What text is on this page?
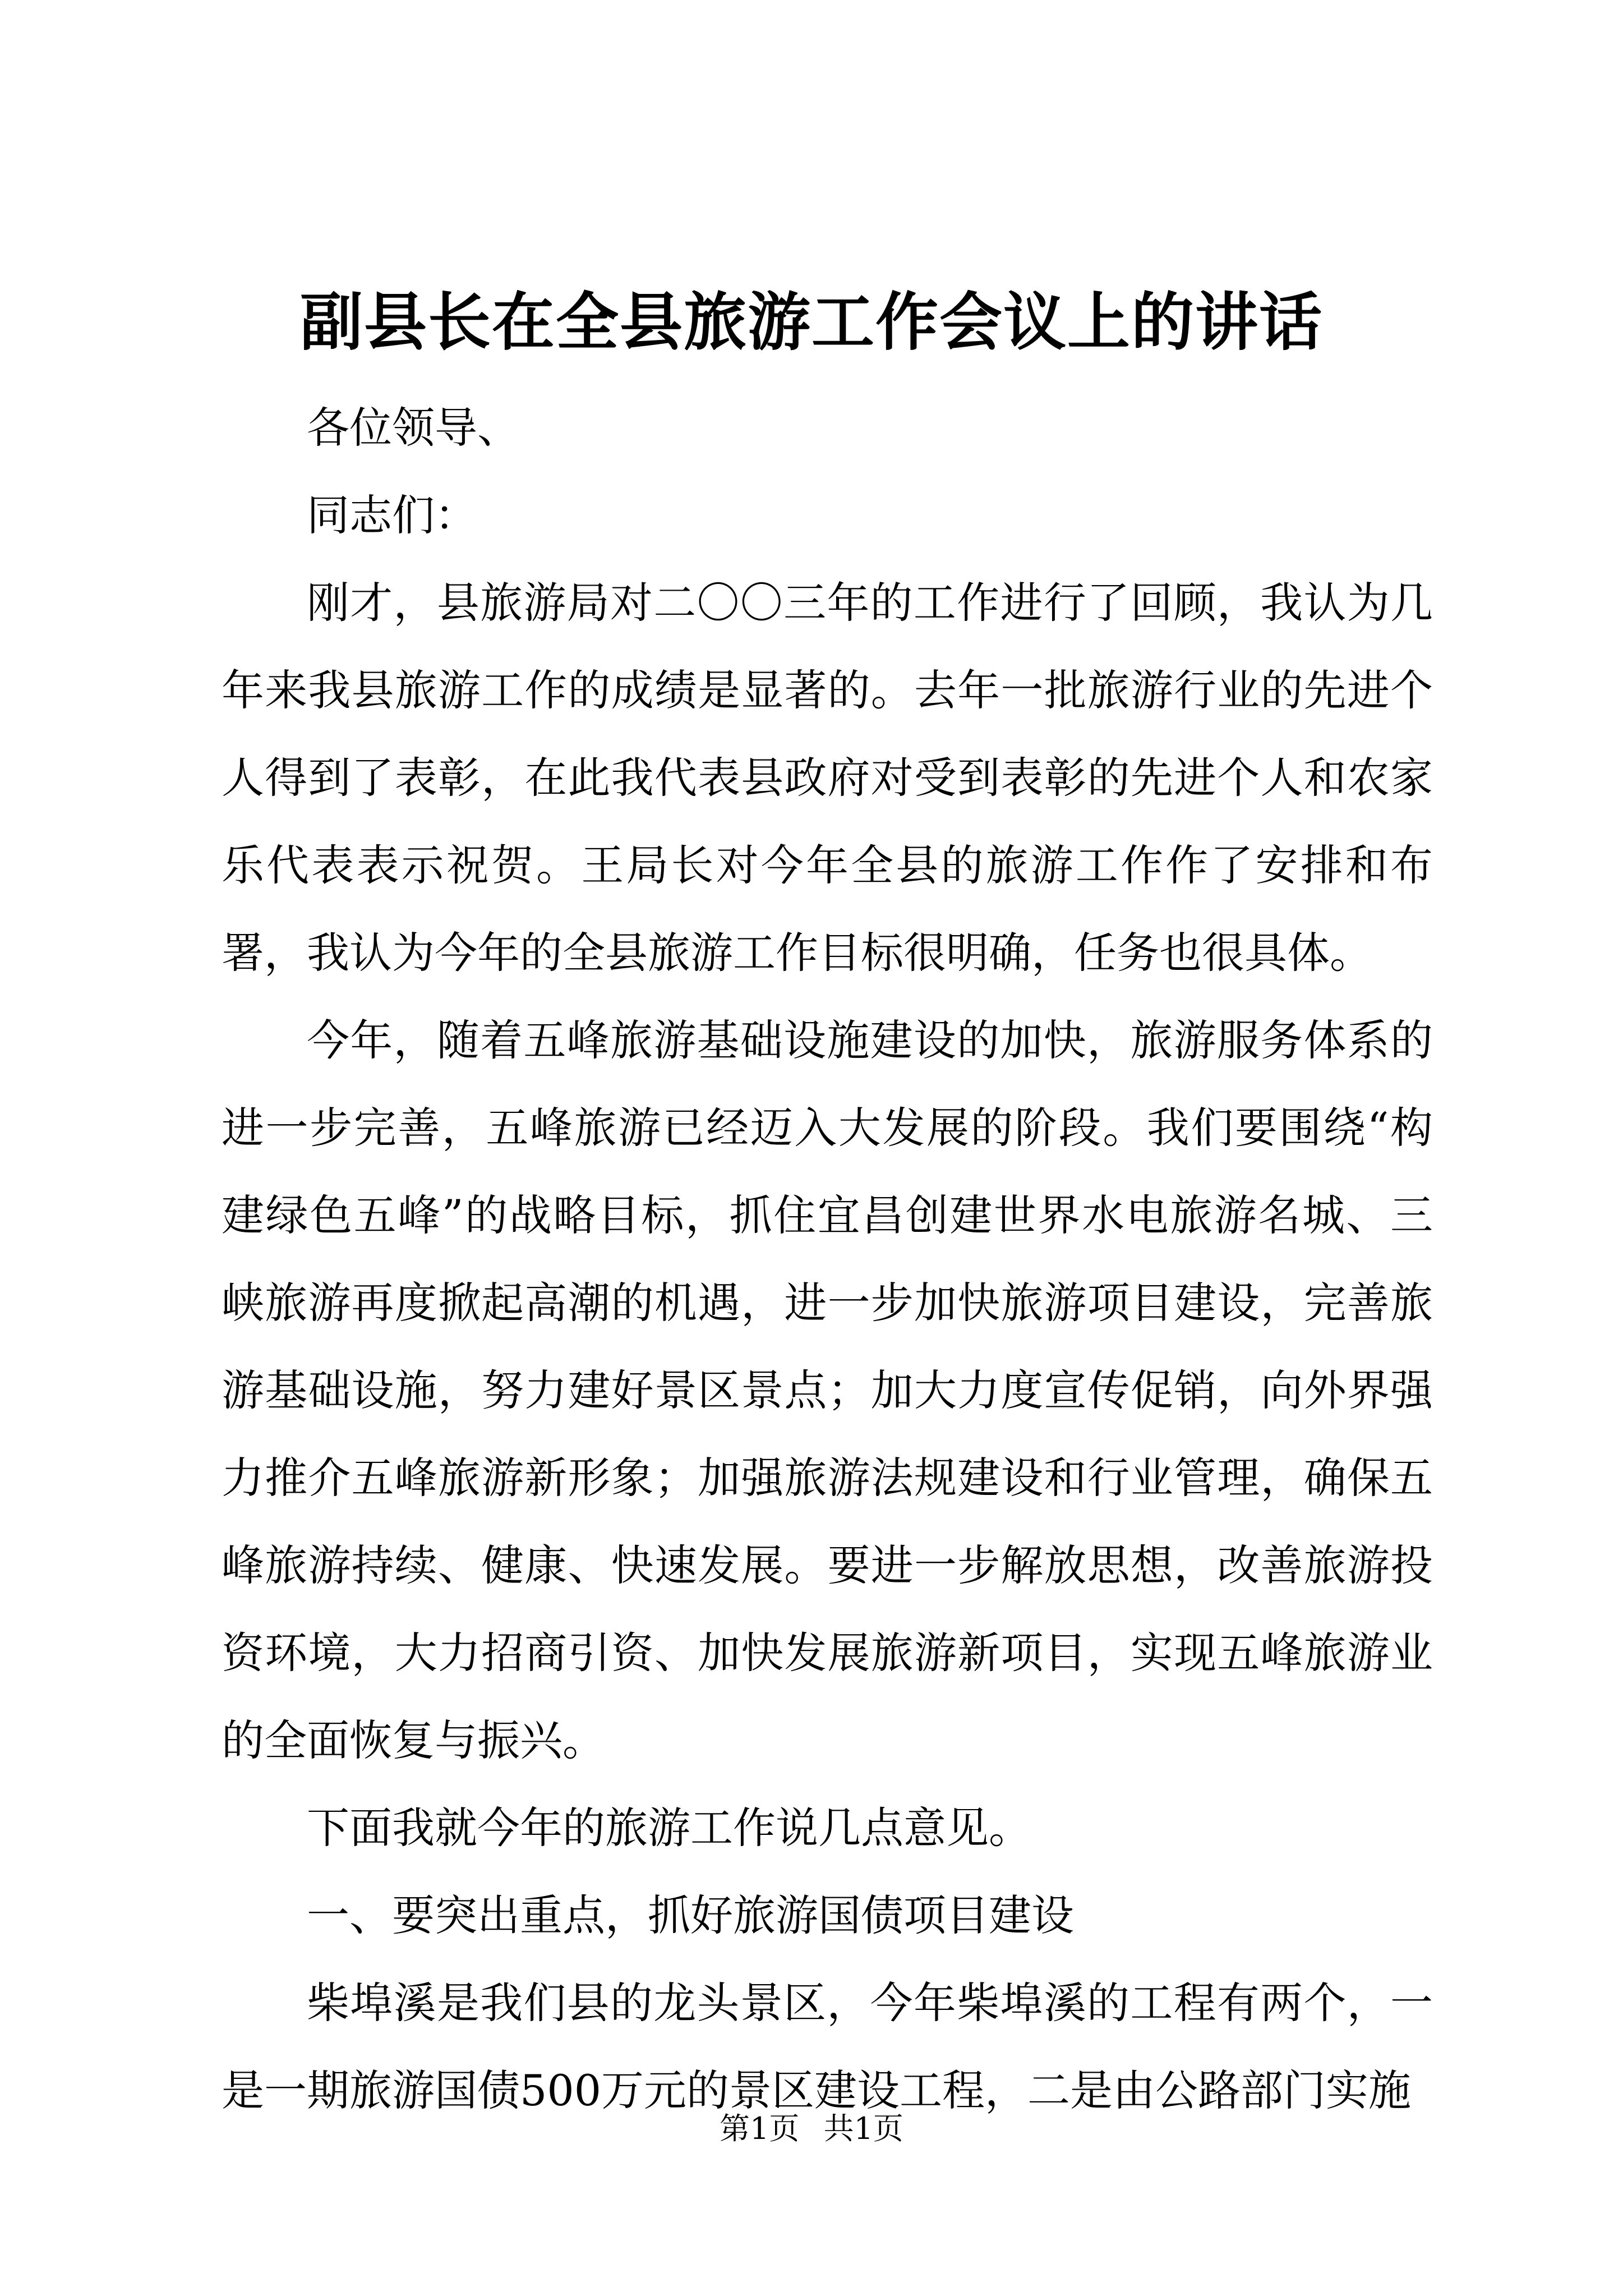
副县长在全县旅游工作会议上的讲话

各位领导、

同志们：

刚才，县旅游局对二〇〇三年的工作进行了回顾，我认为几年来我县旅游工作的成绩是显著的。去年一批旅游行业的先进个人得到了表彰，在此我代表县政府对受到表彰的先进个人和农家乐代表表示祝贺。王局长对今年全县的旅游工作作了安排和布署，我认为今年的全县旅游工作目标很明确，任务也很具体。

今年，随着五峰旅游基础设施建设的加快，旅游服务体系的进一步完善，五峰旅游已经迈入大发展的阶段。我们要围绕“构建绿色五峰”的战略目标，抓住宜昌创建世界水电旅游名城、三峡旅游再度掀起高潮的机遇，进一步加快旅游项目建设，完善旅游基础设施，努力建好景区景点；加大力度宣传促销，向外界强力推介五峰旅游新形象；加强旅游法规建设和行业管理，确保五峰旅游持续、健康、快速发展。要进一步解放思想，改善旅游投资环境，大力招商引资、加快发展旅游新项目，实现五峰旅游业的全面恢复与振兴。

下面我就今年的旅游工作说几点意见。

一、要突出重点，抓好旅游国债项目建设

柴埠溪是我们县的龙头景区，今年柴埠溪的工程有两个，一是一期旅游国债500万元的景区建设工程，二是由公路部门实施

第1页 共1页
